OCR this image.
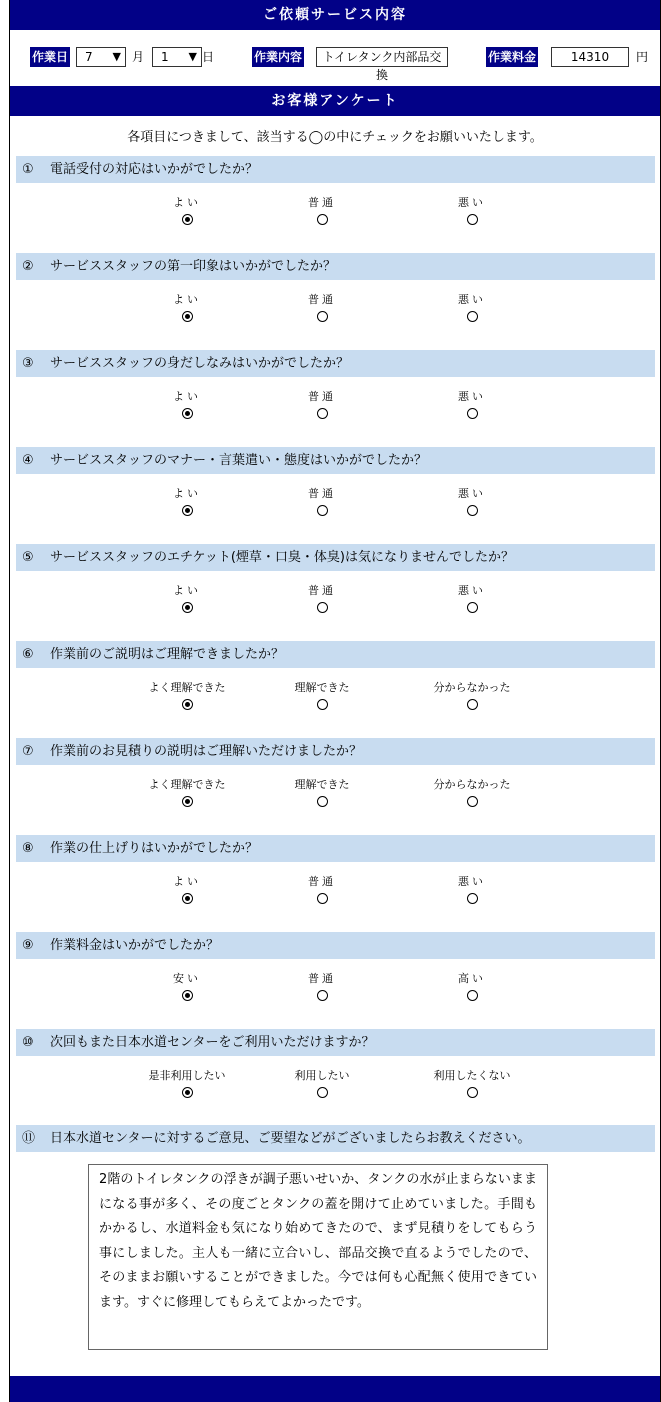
ご依頼サービス内容
作業日	7 ▼ 月	1 ▼ 日	作業内容	トイレタンク内部品交換
作業料金	14310	円
お客様アンケート
各項目につきまして、該当する◯の中にチェックをお願いいたします。
① 電話受付の対応はいかがでしたか？
よい	普通	悪い
② サービススタッフの第一印象はいかがでしたか？
よい	普通	悪い
③ サービススタッフの身だしなみはいかがでしたか？
よい	普通	悪い
④ サービススタッフのマナー・言葉遣い・態度はいかがでしたか？
よい	普通	悪い
⑤ サービススタッフのエチケット(煙草・口臭・体臭)は気になりませんでしたか？
よい	普通	悪い
⑥ 作業前のご説明はご理解できましたか？
よく理解できた	理解できた	分からなかった
⑦ 作業前のお見積りの説明はご理解いただけましたか？
よく理解できた	理解できた	分からなかった
⑧ 作業の仕上げりはいかがでしたか？
よい	普通	悪い
⑨ 作業料金はいかがでしたか？
安い	普通	高い
⑩ 次回もまた日本水道センターをご利用いただけますか？
是非利用したい	利用したい	利用したくない
⑪ 日本水道センターに対するご意見、ご要望などがございましたらお教えください。
2階のトイレタンクの浮きが調子悪いせいか、タンクの水が止まらないままになる事が多く、その度ごとタンクの蓋を開けて止めていました。手間もかかるし、水道料金も気になり始めてきたので、まず見積りをしてもらう事にしました。主人も一緒に立合いし、部品交換で直るようでしたので、そのままお願いすることができました。今では何も心配無く使用できています。すぐに修理してもらえてよかったです。
